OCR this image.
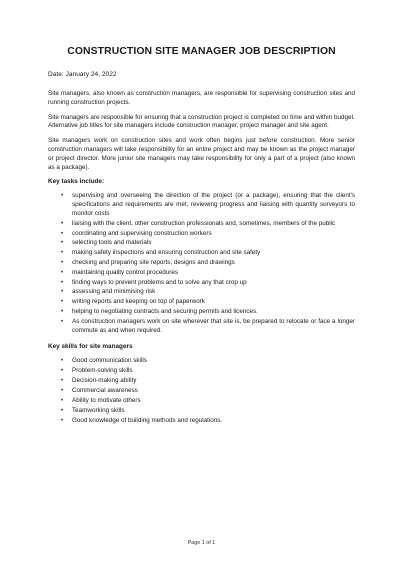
CONSTRUCTION SITE MANAGER JOB DESCRIPTION
Date: January 24, 2022

Site managers, also known as construction managers, are responsible for supervising construction sites and running construction projects.

Site managers are responsible for ensuring that a construction project is completed on time and within budget. Alternative job titles for site managers include construction manager, project manager and site agent.

Site managers work on construction sites and work often begins just before construction. More senior construction managers will take responsibility for an entire project and may be known as the project manager or project director. More junior site managers may take responsibility for only a part of a project (also known as a package).

Key tasks include:
• supervising and overseeing the direction of the project (or a package), ensuring that the client's specifications and requirements are met, reviewing progress and liaising with quantity surveyors to monitor costs
• liaising with the client, other construction professionals and, sometimes, members of the public
• coordinating and supervising construction workers
• selecting tools and materials
• making safety inspections and ensuring construction and site safety
• checking and preparing site reports, designs and drawings
• maintaining quality control procedures
• finding ways to prevent problems and to solve any that crop up
• assessing and minimising risk
• writing reports and keeping on top of paperwork
• helping to negotiating contracts and securing permits and licences.
• As construction managers work on site wherever that site is, be prepared to relocate or face a longer commute as and when required.
Key skills for site managers
• Good communication skills
• Problem-solving skills
• Decision-making ability
• Commercial awareness
• Ability to motivate others
• Teamworking skills
• Good knowledge of building methods and regulations.
Page 1 of 1
